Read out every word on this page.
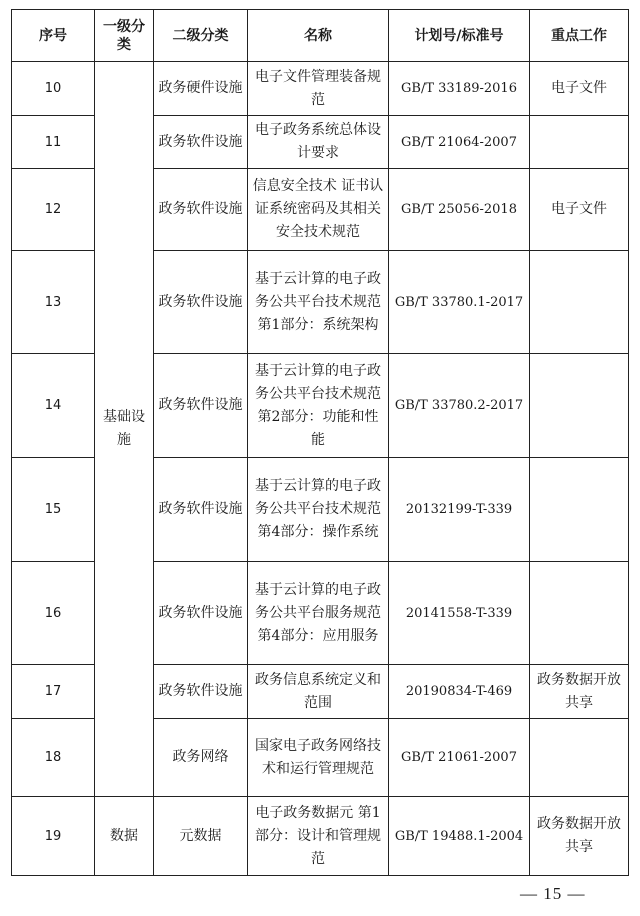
序号	一级分类	二级分类	名称	计划号/标准号	重点工作
10	基础设施	政务硬件设施	电子文件管理装备规范	GB/T 33189-2016	电子文件
11		政务软件设施	电子政务系统总体设计要求	GB/T 21064-2007	
12		政务软件设施	信息安全技术 证书认证系统密码及其相关安全技术规范	GB/T 25056-2018	电子文件
13		政务软件设施	基于云计算的电子政务公共平台技术规范 第1部分：系统架构	GB/T 33780.1-2017	
14		政务软件设施	基于云计算的电子政务公共平台技术规范 第2部分：功能和性能	GB/T 33780.2-2017	
15		政务软件设施	基于云计算的电子政务公共平台技术规范 第4部分：操作系统	20132199-T-339	
16		政务软件设施	基于云计算的电子政务公共平台服务规范 第4部分：应用服务	20141558-T-339	
17		政务软件设施	政务信息系统定义和范围	20190834-T-469	政务数据开放共享
18		政务网络	国家电子政务网络技术和运行管理规范	GB/T 21061-2007	
19	数据	元数据	电子政务数据元 第1部分：设计和管理规范	GB/T 19488.1-2004	政务数据开放共享
— 15 —
